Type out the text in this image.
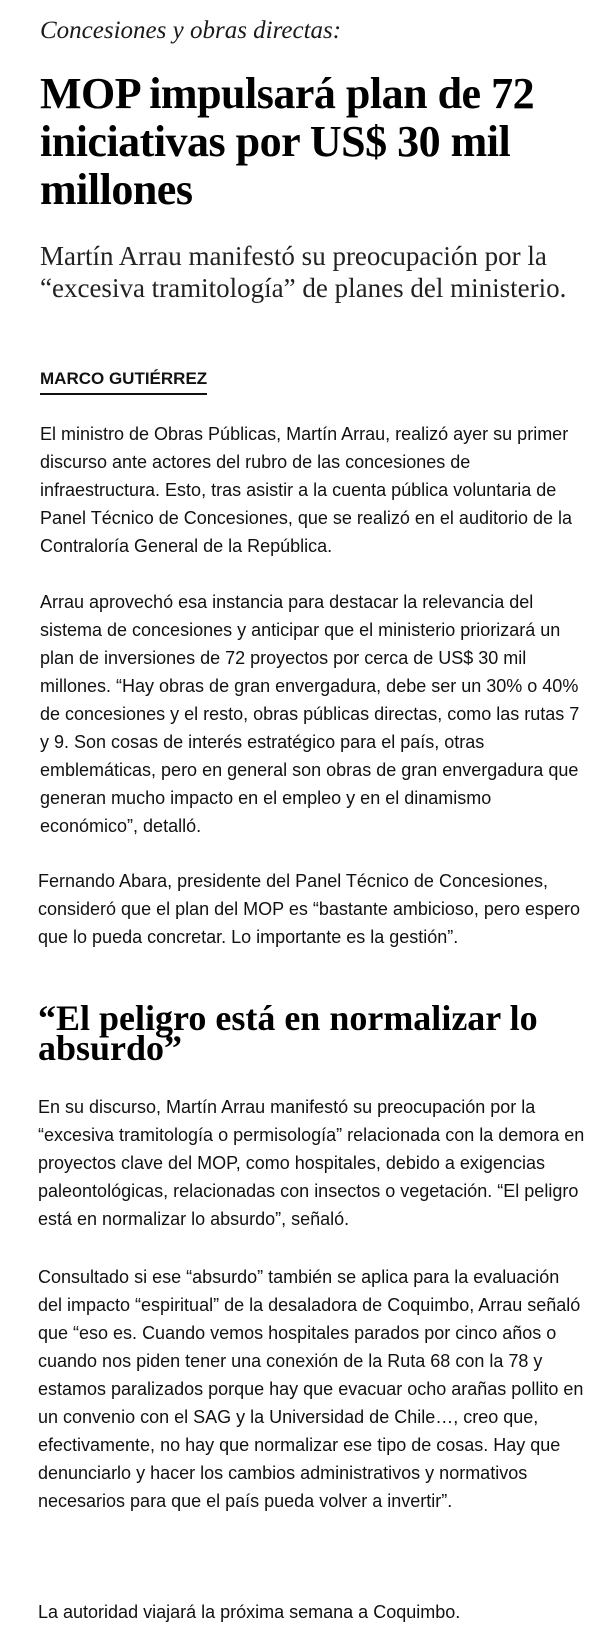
Concesiones y obras directas:

MOP impulsará plan de 72 iniciativas por US$ 30 mil millones

Martín Arrau manifestó su preocupación por la “excesiva tramitología” de planes del ministerio.

MARCO GUTIÉRREZ

El ministro de Obras Públicas, Martín Arrau, realizó ayer su primer discurso ante actores del rubro de las concesiones de infraestructura. Esto, tras asistir a la cuenta pública voluntaria de Panel Técnico de Concesiones, que se realizó en el auditorio de la Contraloría General de la República.

Arrau aprovechó esa instancia para destacar la relevancia del sistema de concesiones y anticipar que el ministerio priorizará un plan de inversiones de 72 proyectos por cerca de US$ 30 mil millones. “Hay obras de gran envergadura, debe ser un 30% o 40% de concesiones y el resto, obras públicas directas, como las rutas 7 y 9. Son cosas de interés estratégico para el país, otras emblemáticas, pero en general son obras de gran envergadura que generan mucho impacto en el empleo y en el dinamismo económico”, detalló.

Fernando Abara, presidente del Panel Técnico de Concesiones, consideró que el plan del MOP es “bastante ambicioso, pero espero que lo pueda concretar. Lo importante es la gestión”.

“El peligro está en normalizar lo absurdo”

En su discurso, Martín Arrau manifestó su preocupación por la “excesiva tramitología o permisología” relacionada con la demora en proyectos clave del MOP, como hospitales, debido a exigencias paleontológicas, relacionadas con insectos o vegetación. “El peligro está en normalizar lo absurdo”, señaló.

Consultado si ese “absurdo” también se aplica para la evaluación del impacto “espiritual” de la desaladora de Coquimbo, Arrau señaló que “eso es. Cuando vemos hospitales parados por cinco años o cuando nos piden tener una conexión de la Ruta 68 con la 78 y estamos paralizados porque hay que evacuar ocho arañas pollito en un convenio con el SAG y la Universidad de Chile…, creo que, efectivamente, no hay que normalizar ese tipo de cosas. Hay que denunciarlo y hacer los cambios administrativos y normativos necesarios para que el país pueda volver a invertir”.

La autoridad viajará la próxima semana a Coquimbo.
